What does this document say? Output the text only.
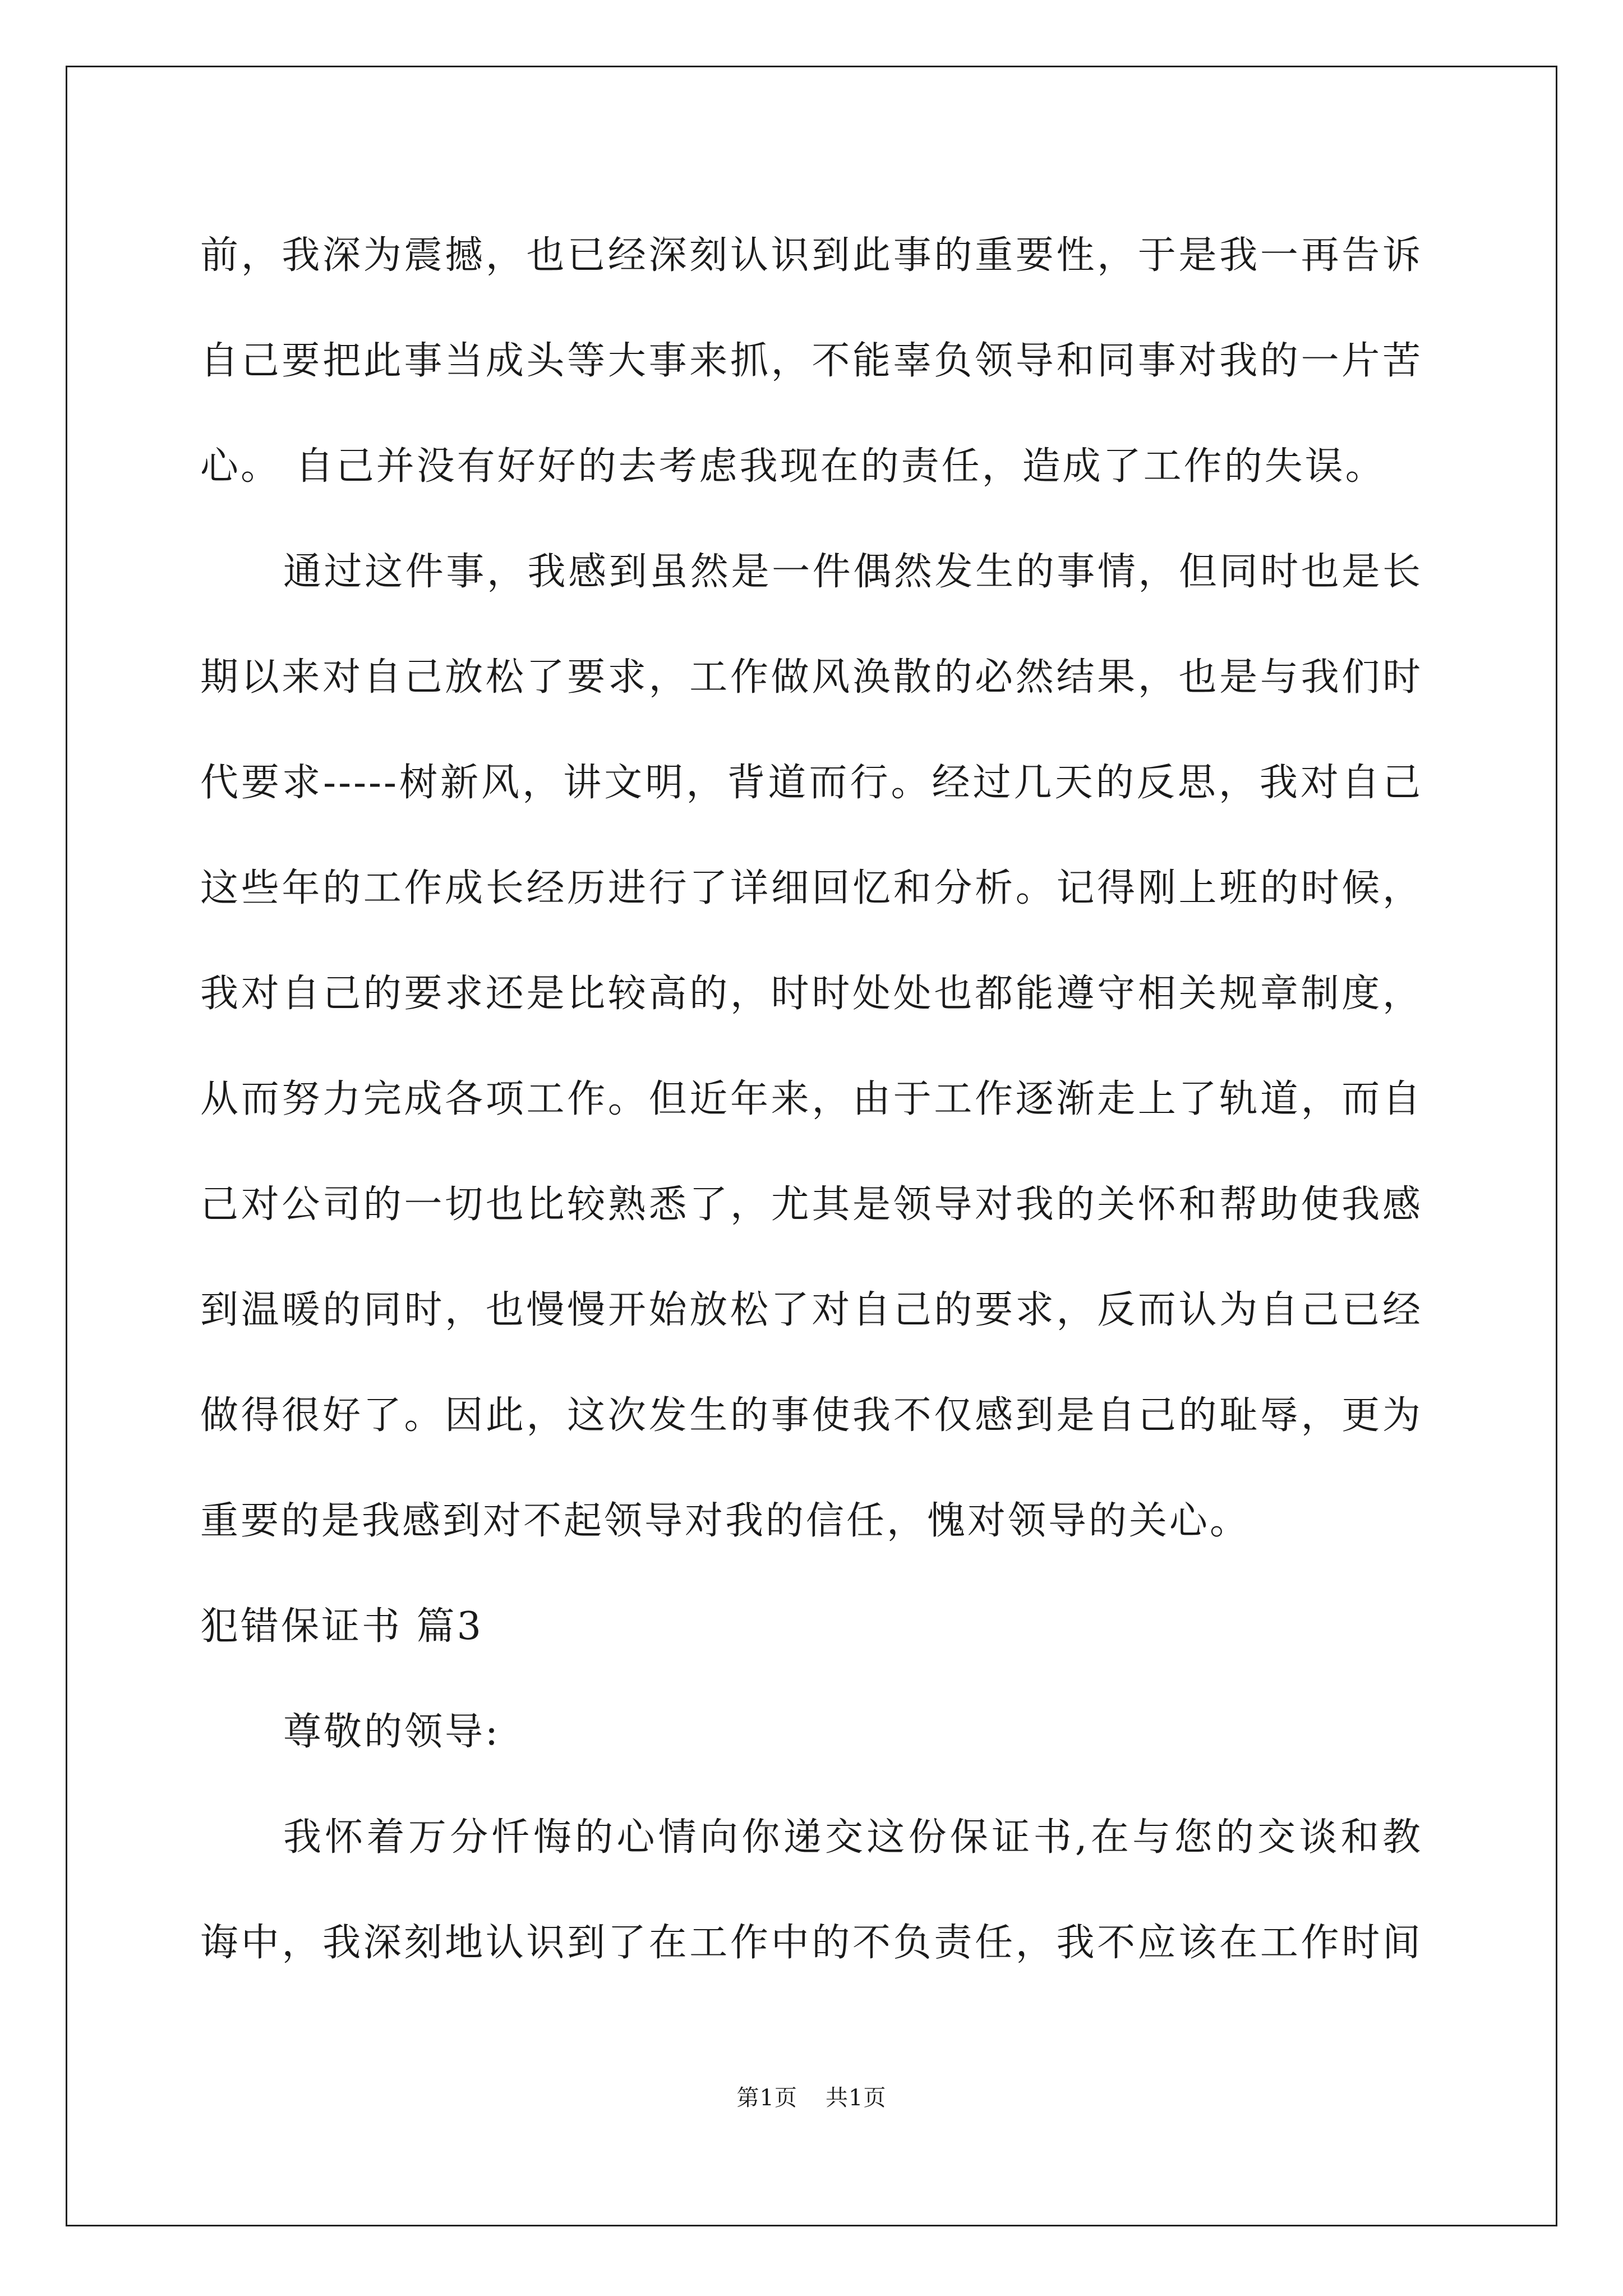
前，我深为震撼，也已经深刻认识到此事的重要性，于是我一再告诉
自己要把此事当成头等大事来抓，不能辜负领导和同事对我的一片苦
心。 自己并没有好好的去考虑我现在的责任，造成了工作的失误。
通过这件事，我感到虽然是一件偶然发生的事情，但同时也是长
期以来对自己放松了要求，工作做风涣散的必然结果，也是与我们时
代要求-----树新风，讲文明，背道而行。经过几天的反思，我对自己
这些年的工作成长经历进行了详细回忆和分析。记得刚上班的时候，
我对自己的要求还是比较高的，时时处处也都能遵守相关规章制度，
从而努力完成各项工作。但近年来，由于工作逐渐走上了轨道，而自
己对公司的一切也比较熟悉了，尤其是领导对我的关怀和帮助使我感
到温暖的同时，也慢慢开始放松了对自己的要求，反而认为自己已经
做得很好了。因此，这次发生的事使我不仅感到是自己的耻辱，更为
重要的是我感到对不起领导对我的信任，愧对领导的关心。
犯错保证书 篇3
尊敬的领导:
我怀着万分忏悔的心情向你递交这份保证书,在与您的交谈和教
诲中，我深刻地认识到了在工作中的不负责任，我不应该在工作时间
第1页 共1页
